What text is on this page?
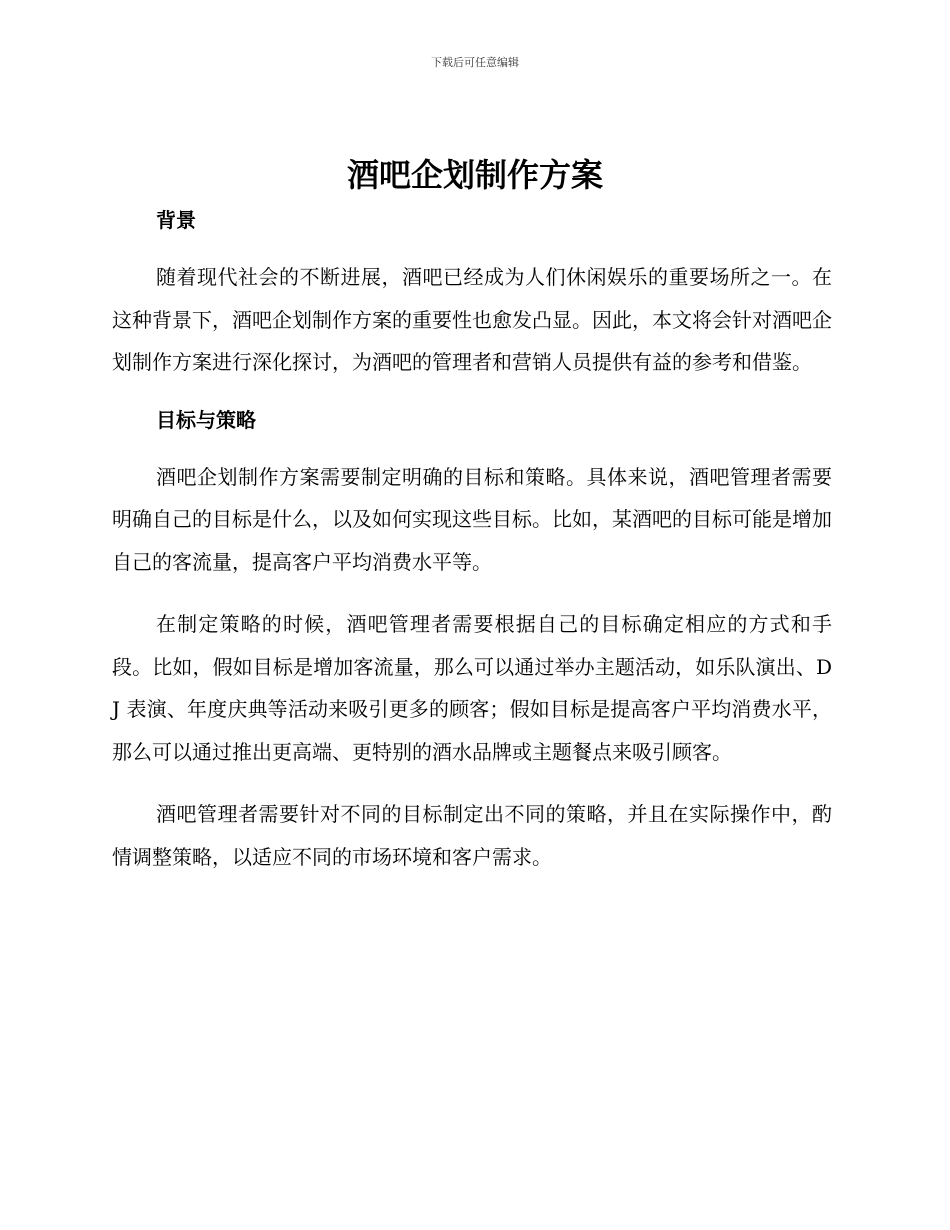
下载后可任意编辑
酒吧企划制作方案
背景

随着现代社会的不断进展，酒吧已经成为人们休闲娱乐的重要场所之一。在这种背景下，酒吧企划制作方案的重要性也愈发凸显。因此，本文将会针对酒吧企划制作方案进行深化探讨，为酒吧的管理者和营销人员提供有益的参考和借鉴。

目标与策略

酒吧企划制作方案需要制定明确的目标和策略。具体来说，酒吧管理者需要明确自己的目标是什么，以及如何实现这些目标。比如，某酒吧的目标可能是增加自己的客流量，提高客户平均消费水平等。

在制定策略的时候，酒吧管理者需要根据自己的目标确定相应的方式和手段。比如，假如目标是增加客流量，那么可以通过举办主题活动，如乐队演出、DJ 表演、年度庆典等活动来吸引更多的顾客；假如目标是提高客户平均消费水平，那么可以通过推出更高端、更特别的酒水品牌或主题餐点来吸引顾客。

酒吧管理者需要针对不同的目标制定出不同的策略，并且在实际操作中，酌情调整策略，以适应不同的市场环境和客户需求。
